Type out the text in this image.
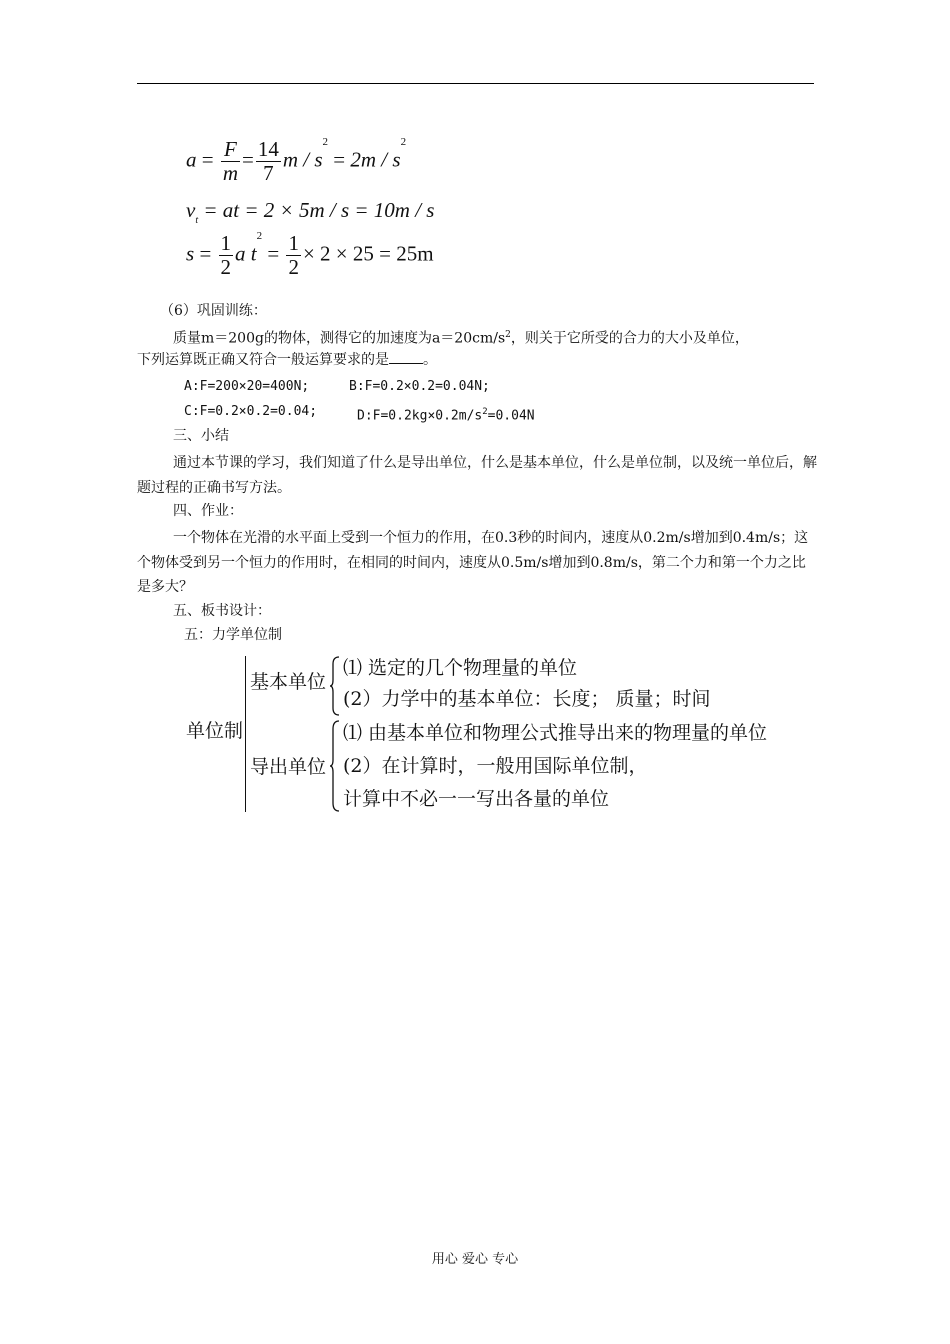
$a = \frac{F}{m} = \frac{14}{7}$ $m / s^2 = 2m / s^2$
$v_t$ = at = 2 × 5m / s = 10m / s
$s = \frac{1}{2}$ a $t^2 = \frac{1}{2} \times 2 \times 25 = 25m$
（6）巩固训练：
质量m＝200g的物体，测得它的加速度为$a=20cm/s^2$，则关于它所受的合力的大小及单位，
下列运算既正确又符合一般运算要求的是 。
A:F=200×20=400N;	B:F=0.2×0.2=0.04N;
C:F=0.2×0.2=0.04;	$D:F=0.2kg\times 0.2m/s^2=0.04N$
三、小结
通过本节课的学习，我们知道了什么是导出单位，什么是基本单位，什么是单位制，以及统一单位后，解题过程的正确书写方法。
四、作业：
一个物体在光滑的水平面上受到一个恒力的作用，在0.3秒的时间内，速度从0.2m/s增加到0.4m/s；这个物体受到另一个恒力的作用时，在相同的时间内，速度从0.5m/s增加到0.8m/s，第二个力和第一个力之比是多大？
五、板书设计：
五：力学单位制
单位制
基本单位
⑴ 选定的几个物理量的单位
(2）力学中的基本单位：长度； 质量；时间
导出单位
⑴ 由基本单位和物理公式推导出来的物理量的单位
(2）在计算时，一般用国际单位制，
计算中不必一一写出各量的单位
用心 爱心 专心
